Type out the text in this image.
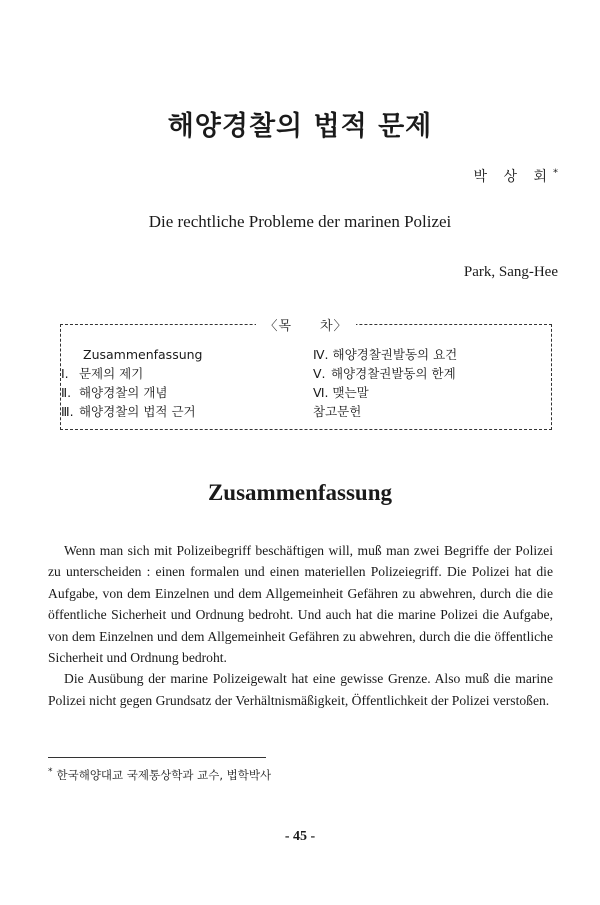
해양경찰의 법적 문제
박 상 회*
Die rechtliche Probleme der marinen Polizei
Park, Sang-Hee
〈목　　차〉
Zusammenfassung
Ⅰ. 문제의 제기
Ⅱ. 해양경찰의 개념
Ⅲ. 해양경찰의 법적 근거
Ⅳ. 해양경찰권발동의 요건
Ⅴ. 해양경찰권발동의 한계
Ⅵ. 맺는말
참고문헌
Zusammenfassung

Wenn man sich mit Polizeibegriff beschäftigen will, muß man zwei Begriffe der Polizei zu unterscheiden : einen formalen und einen materiellen Polizeiegriff. Die Polizei hat die Aufgabe, von dem Einzelnen und dem Allgemeinheit Gefähren zu abwehren, durch die die öffentliche Sicherheit und Ordnung bedroht. Und auch hat die marine Polizei die Aufgabe, von dem Einzelnen und dem Allgemeinheit Gefähren zu abwehren, durch die die öffentliche Sicherheit und Ordnung bedroht.

Die Ausübung der marine Polizeigewalt hat eine gewisse Grenze. Also muß die marine Polizei nicht gegen Grundsatz der Verhältnismäßigkeit, Öffentlichkeit der Polizei verstoßen.

* 한국해양대교 국제통상학과 교수, 법학박사
- 45 -
